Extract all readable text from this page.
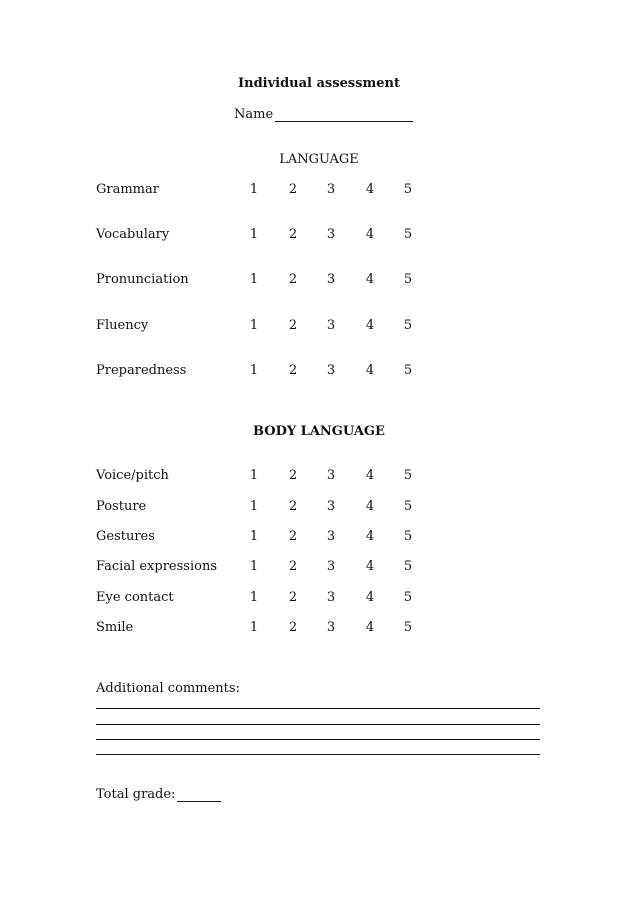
Individual assessment
Name
LANGUAGE
Grammar	1	2	3	4	5
Vocabulary	1	2	3	4	5
Pronunciation	1	2	3	4	5
Fluency	1	2	3	4	5
Preparedness	1	2	3	4	5
BODY LANGUAGE
Voice/pitch	1	2	3	4	5
Posture	1	2	3	4	5
Gestures	1	2	3	4	5
Facial expressions	1	2	3	4	5
Eye contact	1	2	3	4	5
Smile	1	2	3	4	5
Additional comments:
Total grade:
